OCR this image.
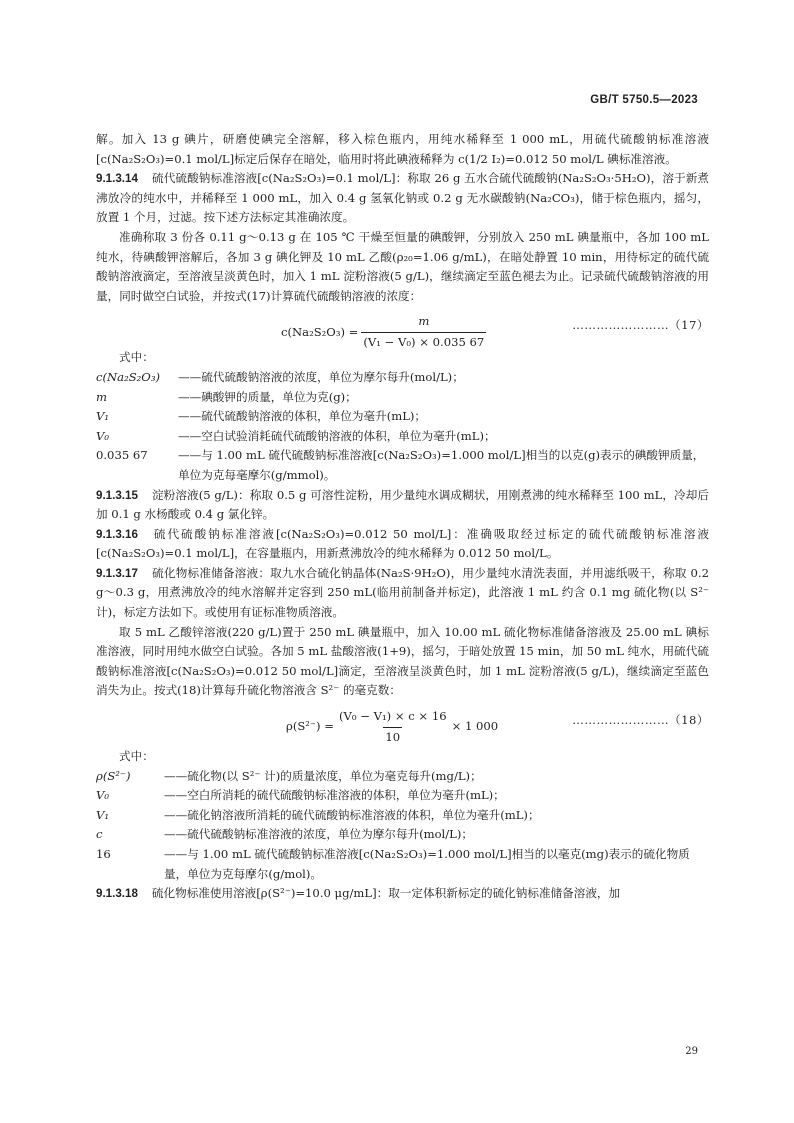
GB/T 5750.5—2023

解。加入 13 g 碘片，研磨使碘完全溶解，移入棕色瓶内，用纯水稀释至 1 000 mL，用硫代硫酸钠标准溶液[c(Na₂S₂O₃)=0.1 mol/L]标定后保存在暗处，临用时将此碘液稀释为 c(1/2 I₂)=0.012 50 mol/L 碘标准溶液。

9.1.3.14 硫代硫酸钠标准溶液[c(Na₂S₂O₃)=0.1 mol/L]：称取 26 g 五水合硫代硫酸钠(Na₂S₂O₃·5H₂O)，溶于新煮沸放冷的纯水中，并稀释至 1 000 mL，加入 0.4 g 氢氧化钠或 0.2 g 无水碳酸钠(Na₂CO₃)，储于棕色瓶内，摇匀，放置 1 个月，过滤。按下述方法标定其准确浓度。

准确称取 3 份各 0.11 g～0.13 g 在 105 ℃ 干燥至恒量的碘酸钾，分别放入 250 mL 碘量瓶中，各加 100 mL 纯水，待碘酸钾溶解后，各加 3 g 碘化钾及 10 mL 乙酸(ρ₂₀=1.06 g/mL)，在暗处静置 10 min，用待标定的硫代硫酸钠溶液滴定，至溶液呈淡黄色时，加入 1 mL 淀粉溶液(5 g/L)，继续滴定至蓝色褪去为止。记录硫代硫酸钠溶液的用量，同时做空白试验，并按式(17)计算硫代硫酸钠溶液的浓度：

$c(Na_2S_2O_3) = \frac{m}{\text{(V₁ − V₀) × 0.035 67}}$	……………………（17）

式中：

c(Na₂S₂O₃)	——硫代硫酸钠溶液的浓度，单位为摩尔每升(mol/L)；
m	——碘酸钾的质量，单位为克(g)；
V₁	——硫代硫酸钠溶液的体积，单位为毫升(mL)；
V₀	——空白试验消耗硫代硫酸钠溶液的体积，单位为毫升(mL)；
0.035 67	——与 1.00 mL 硫代硫酸钠标准溶液[c(Na₂S₂O₃)=1.000 mol/L]相当的以克(g)表示的碘酸钾质量，单位为克每毫摩尔(g/mmol)。

9.1.3.15 淀粉溶液(5 g/L)：称取 0.5 g 可溶性淀粉，用少量纯水调成糊状，用刚煮沸的纯水稀释至 100 mL，冷却后加 0.1 g 水杨酸或 0.4 g 氯化锌。

9.1.3.16 硫代硫酸钠标准溶液[c(Na₂S₂O₃)=0.012 50 mol/L]：准确吸取经过标定的硫代硫酸钠标准溶液[c(Na₂S₂O₃)=0.1 mol/L]，在容量瓶内，用新煮沸放冷的纯水稀释为 0.012 50 mol/L。

9.1.3.17 硫化物标准储备溶液：取九水合硫化钠晶体(Na₂S·9H₂O)，用少量纯水清洗表面，并用滤纸吸干，称取 0.2 g～0.3 g，用煮沸放冷的纯水溶解并定容到 250 mL(临用前制备并标定)，此溶液 1 mL 约含 0.1 mg 硫化物(以 S²⁻ 计)，标定方法如下。或使用有证标准物质溶液。

取 5 mL 乙酸锌溶液(220 g/L)置于 250 mL 碘量瓶中，加入 10.00 mL 硫化物标准储备溶液及 25.00 mL 碘标准溶液，同时用纯水做空白试验。各加 5 mL 盐酸溶液(1+9)，摇匀，于暗处放置 15 min，加 50 mL 纯水，用硫代硫酸钠标准溶液[c(Na₂S₂O₃)=0.012 50 mol/L]滴定，至溶液呈淡黄色时，加 1 mL 淀粉溶液(5 g/L)，继续滴定至蓝色消失为止。按式(18)计算每升硫化物溶液含 S²⁻ 的毫克数：

$\rho(S^{2-}) = \frac{\text{(V₀ − V₁) × c × 16}}{10} \times 1$ 000	……………………（18）

式中：

ρ(S²⁻)	——硫化物(以 S²⁻ 计)的质量浓度，单位为毫克每升(mg/L)；
V₀	——空白所消耗的硫代硫酸钠标准溶液的体积，单位为毫升(mL)；
V₁	——硫化钠溶液所消耗的硫代硫酸钠标准溶液的体积，单位为毫升(mL)；
c	——硫代硫酸钠标准溶液的浓度，单位为摩尔每升(mol/L)；
16	——与 1.00 mL 硫代硫酸钠标准溶液[c(Na₂S₂O₃)=1.000 mol/L]相当的以毫克(mg)表示的硫化物质量，单位为克每摩尔(g/mol)。

9.1.3.18 硫化物标准使用溶液[ρ(S²⁻)=10.0 μg/mL]：取一定体积新标定的硫化钠标准储备溶液，加

29
